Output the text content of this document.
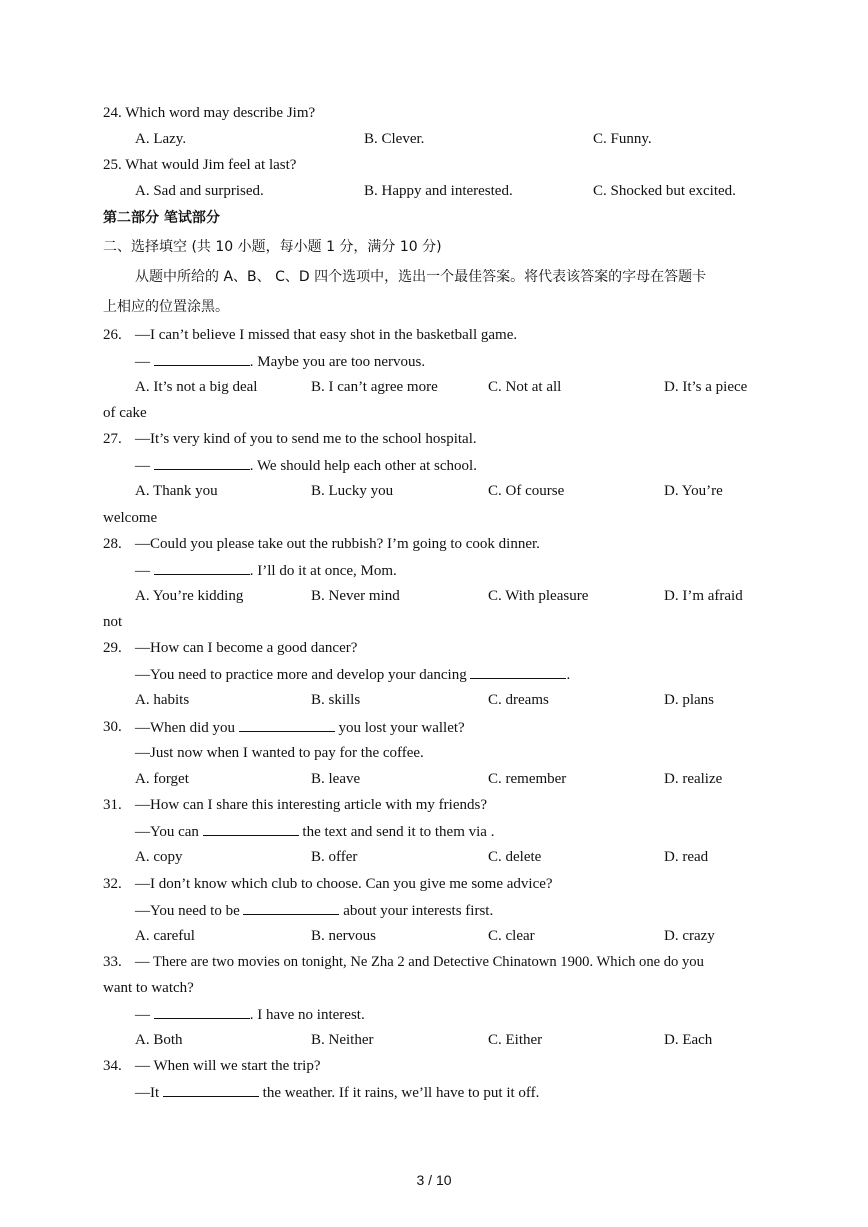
24. Which word may describe Jim?
A. Lazy.	B. Clever.	C. Funny.
25. What would Jim feel at last?
A. Sad and surprised.	B. Happy and interested.	C. Shocked but excited.
第二部分 笔试部分
二、选择填空 (共 10 小题，每小题 1 分，满分 10 分)
从题中所给的 A、B、 C、D 四个选项中，选出一个最佳答案。将代表该答案的字母在答题卡
上相应的位置涂黑。
26. —I can’t believe I missed that easy shot in the basketball game.
—	. Maybe you are too nervous.
A. It’s not a big deal	B. I can’t agree more	C. Not at all	D. It’s a piece
of cake
27. —It’s very kind of you to send me to the school hospital.
—	. We should help each other at school.
A. Thank you	B. Lucky you	C. Of course	D. You’re
welcome
28. —Could you please take out the rubbish? I’m going to cook dinner.
—	. I’ll do it at once, Mom.
A. You’re kidding	B. Never mind	C. With pleasure	D. I’m afraid
not
29. —How can I become a good dancer?
—You need to practice more and develop your dancing	.
A. habits	B. skills	C. dreams	D. plans
30. —When did you	you lost your wallet?
—Just now when I wanted to pay for the coffee.
A. forget	B. leave	C. remember	D. realize
31. —How can I share this interesting article with my friends?
—You can	the text and send it to them via .
A. copy	B. offer	C. delete	D. read
32. —I don’t know which club to choose. Can you give me some advice?
—You need to be	about your interests first.
A. careful	B. nervous	C. clear	D. crazy
33. — There are two movies on tonight, Ne Zha 2 and Detective Chinatown 1900. Which one do you
want to watch?
—	. I have no interest.
A. Both	B. Neither	C. Either	D. Each
34. — When will we start the trip?
—It	the weather. If it rains, we’ll have to put it off.
3 / 10
